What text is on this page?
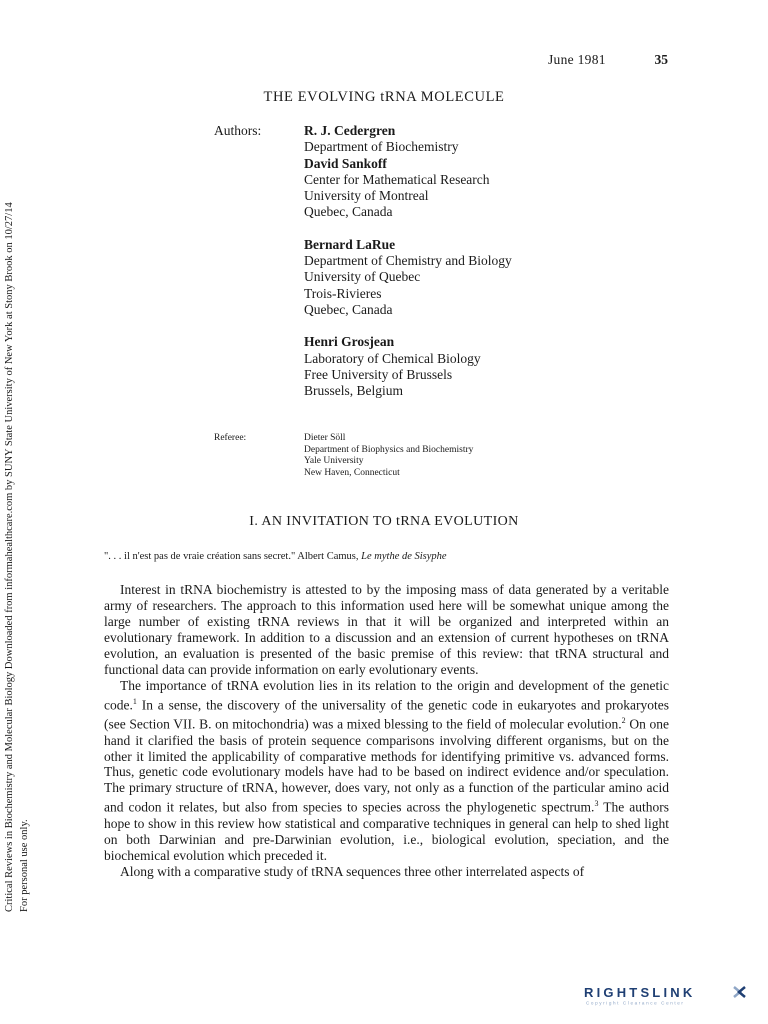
Critical Reviews in Biochemistry and Molecular Biology Downloaded from informahealthcare.com by SUNY State University of New York at Stony Brook on 10/27/14 For personal use only.
June 1981	35
THE EVOLVING tRNA MOLECULE
Authors:	R. J. Cedergren
Department of Biochemistry
David Sankoff
Center for Mathematical Research
University of Montreal
Quebec, Canada
Bernard LaRue
Department of Chemistry and Biology
University of Quebec
Trois-Rivieres
Quebec, Canada
Henri Grosjean
Laboratory of Chemical Biology
Free University of Brussels
Brussels, Belgium
Referee:	Dieter Söll
Department of Biophysics and Biochemistry
Yale University
New Haven, Connecticut
I. AN INVITATION TO tRNA EVOLUTION
". . . il n'est pas de vraie création sans secret." Albert Camus, Le mythe de Sisyphe

Interest in tRNA biochemistry is attested to by the imposing mass of data generated by a veritable army of researchers. The approach to this information used here will be somewhat unique among the large number of existing tRNA reviews in that it will be organized and interpreted within an evolutionary framework. In addition to a discussion and an extension of current hypotheses on tRNA evolution, an evaluation is presented of the basic premise of this review: that tRNA structural and functional data can provide information on early evolutionary events.

The importance of tRNA evolution lies in its relation to the origin and development of the genetic code.$^1$ In a sense, the discovery of the universality of the genetic code in eukaryotes and prokaryotes (see Section VII. B. on mitochondria) was a mixed blessing to the field of molecular evolution.$^2$ On one hand it clarified the basis of protein sequence comparisons involving different organisms, but on the other it limited the applicability of comparative methods for identifying primitive vs. advanced forms. Thus, genetic code evolutionary models have had to be based on indirect evidence and/or speculation. The primary structure of tRNA, however, does vary, not only as a function of the particular amino acid and codon it relates, but also from species to species across the phylogenetic spectrum.$^3$ The authors hope to show in this review how statistical and comparative techniques in general can help to shed light on both Darwinian and pre-Darwinian evolution, i.e., biological evolution, speciation, and the biochemical evolution which preceded it.

Along with a comparative study of tRNA sequences three other interrelated aspects of

RIGHTSLINK
Copyright Clearance Center
